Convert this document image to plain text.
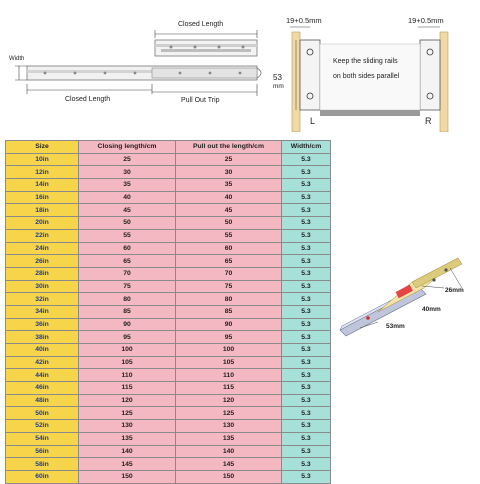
Width
Closed Length
Closed Length	Pull Out Trip
19+0.5mm	19+0.5mm
53
mm
Keep the sliding rails
on both sides parallel
L	R
Size	Closing length/cm	Pull out the length/cm	Width/cm
10in	25	25	5.3
12in	30	30	5.3
14in	35	35	5.3
16in	40	40	5.3
18in	45	45	5.3
20in	50	50	5.3
22in	55	55	5.3
24in	60	60	5.3
26in	65	65	5.3
28in	70	70	5.3
30in	75	75	5.3
32in	80	80	5.3
34in	85	85	5.3
36in	90	90	5.3
38in	95	95	5.3
40in	100	100	5.3
42in	105	105	5.3
44in	110	110	5.3
46in	115	115	5.3
48in	120	120	5.3
50in	125	125	5.3
52in	130	130	5.3
54in	135	135	5.3
56in	140	140	5.3
58in	145	145	5.3
60in	150	150	5.3
26mm
40mm
53mm
